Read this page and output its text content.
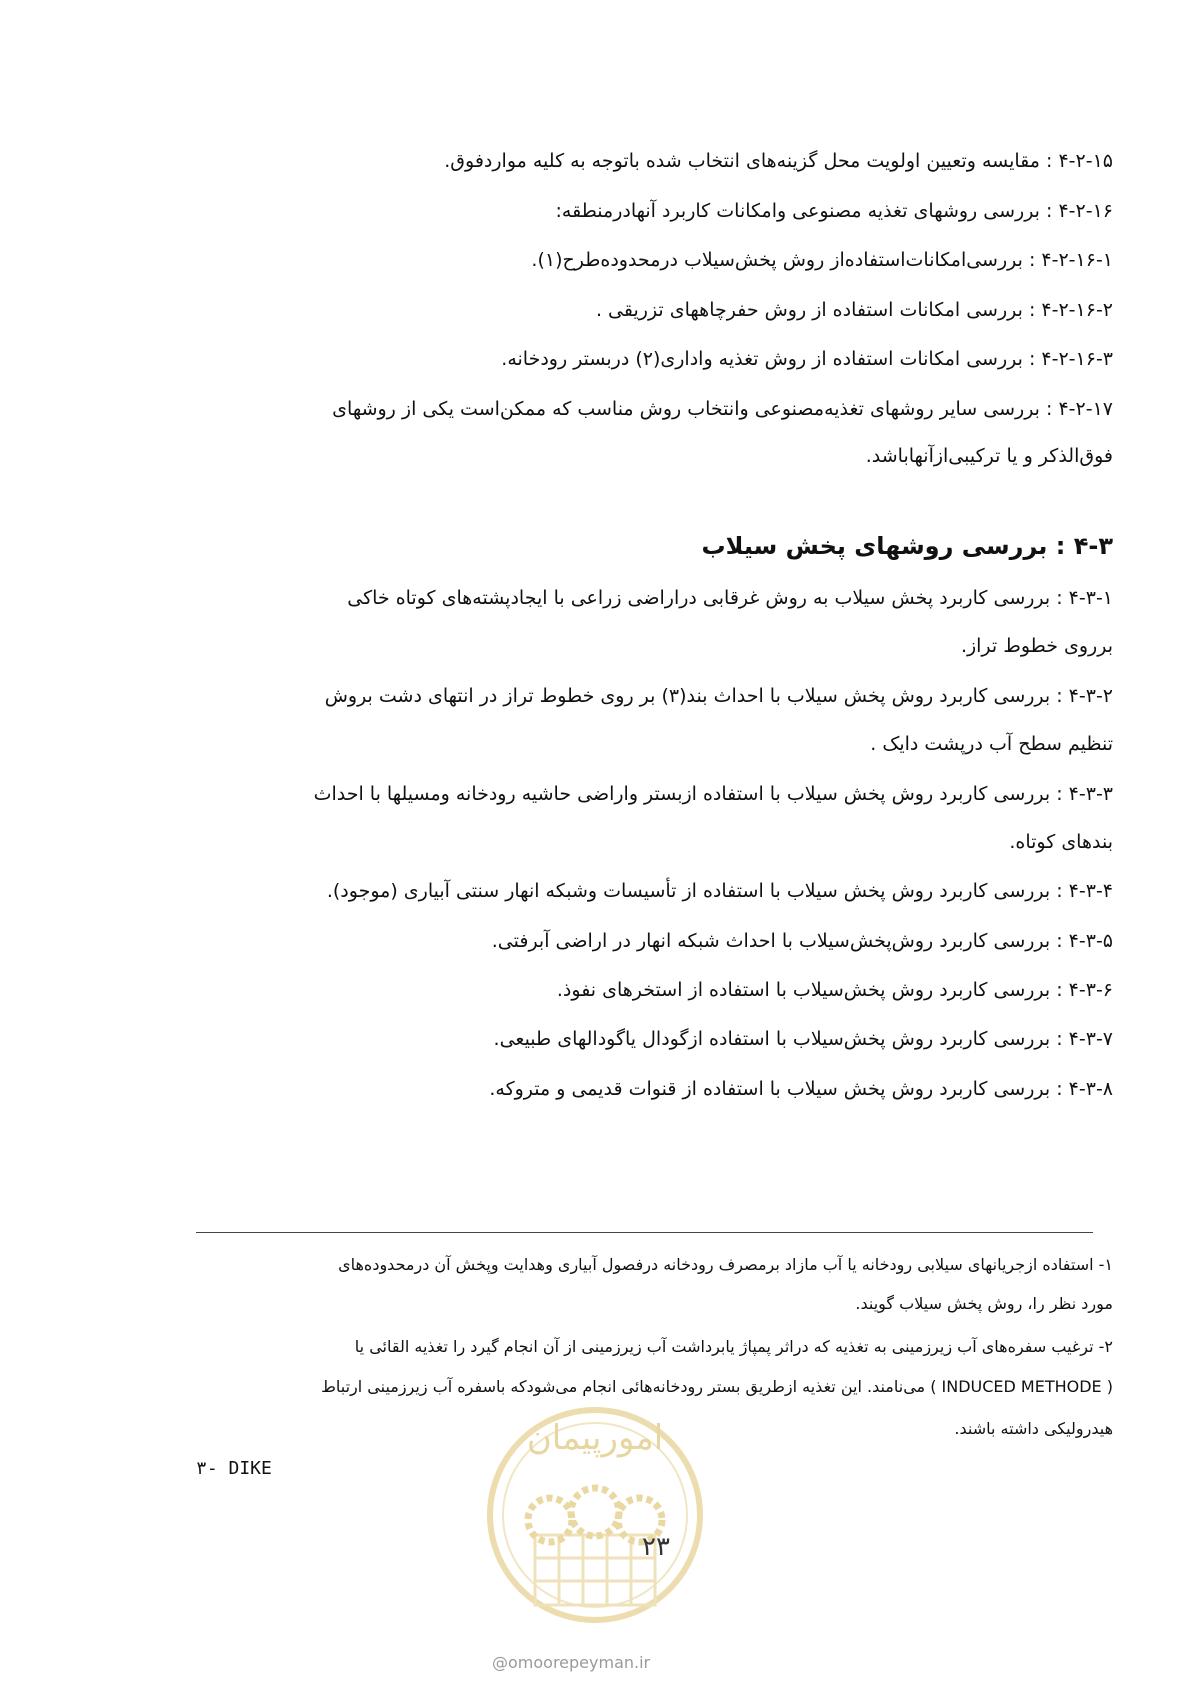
۴-۲-۱۵ : مقایسه وتعیین اولویت محل گزینه‌های انتخاب شده باتوجه به کلیه مواردفوق.
۴-۲-۱۶ : بررسی روشهای تغذیه مصنوعی وامکانات کاربرد آنهادرمنطقه:
۴-۲-۱۶-۱ : بررسی‌امکانات‌استفاده‌از روش پخش‌سیلاب درمحدوده‌طرح(۱).
۴-۲-۱۶-۲ : بررسی امکانات استفاده از روش حفرچاههای تزریقی .
۴-۲-۱۶-۳ : بررسی امکانات استفاده از روش تغذیه واداری(۲) دربستر رودخانه.
۴-۲-۱۷ : بررسی سایر روشهای تغذیه‌مصنوعی وانتخاب روش مناسب که ممکن‌است یکی از روشهای
فوق‌الذکر و یا ترکیبی‌ازآنهاباشد.
۴-۳ : بررسی روشهای پخش سیلاب
۴-۳-۱ : بررسی کاربرد پخش سیلاب به روش غرقابی دراراضی زراعی با ایجادپشته‌های کوتاه خاکی
برروی خطوط تراز.
۴-۳-۲ : بررسی کاربرد روش پخش سیلاب با احداث بند(۳) بر روی خطوط تراز در انتهای دشت بروش
تنظیم سطح آب درپشت دایک .
۴-۳-۳ : بررسی کاربرد روش پخش سیلاب با استفاده ازبستر واراضی حاشیه رودخانه ومسیلها با احداث
بندهای کوتاه.
۴-۳-۴ : بررسی کاربرد روش پخش سیلاب با استفاده از تأسیسات وشبکه انهار سنتی آبیاری (موجود).
۴-۳-۵ : بررسی کاربرد روش‌پخش‌سیلاب با احداث شبکه انهار در اراضی آبرفتی.
۴-۳-۶ : بررسی کاربرد روش پخش‌سیلاب با استفاده از استخرهای نفوذ.
۴-۳-۷ : بررسی کاربرد روش پخش‌سیلاب با استفاده ازگودال یاگودالهای طبیعی.
۴-۳-۸ : بررسی کاربرد روش پخش سیلاب با استفاده از قنوات قدیمی و متروکه.
۱- استفاده ازجریانهای سیلابی رودخانه یا آب مازاد برمصرف رودخانه درفصول آبیاری وهدایت وپخش آن درمحدوده‌های
مورد نظر را، روش پخش سیلاب گویند.
۲- ترغیب سفره‌های آب زیرزمینی به تغذیه که دراثر پمپاژ یابرداشت آب زیرزمینی از آن انجام گیرد را تغذیه القائی یا
( INDUCED METHODE ) می‌نامند. این تغذیه ازطریق بستر رودخانه‌هائی انجام می‌شودکه باسفره آب زیرزمینی ارتباط
هیدرولیکی داشته باشند.
۳- DIKE
امورپیمان
۲۳
@omoorepeyman.ir
